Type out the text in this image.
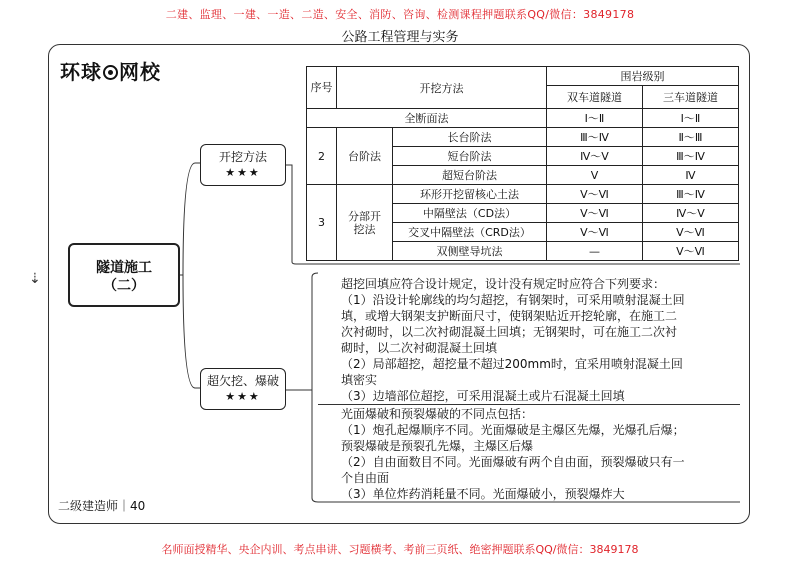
二建、监理、一建、一造、二造、安全、消防、咨询、检测课程押题联系QQ/微信：3849178
公路工程管理与实务
环球 网校
⇣
隧道施工
（二）
开挖方法
★★★
超欠挖、爆破
★★★
序号	开挖方法		围岩级别	
			双车道隧道	三车道隧道
全断面法			Ⅰ～Ⅱ	Ⅰ～Ⅱ
2	台阶法	长台阶法	Ⅲ～Ⅳ	Ⅱ～Ⅲ
		短台阶法	Ⅳ～Ⅴ	Ⅲ～Ⅳ
		超短台阶法	Ⅴ	Ⅳ
3	分部开挖法	环形开挖留核心土法	Ⅴ～Ⅵ	Ⅲ～Ⅳ
		中隔壁法（CD法）	Ⅴ～Ⅵ	Ⅳ～Ⅴ
		交叉中隔壁法（CRD法）	Ⅴ～Ⅵ	Ⅴ～Ⅵ
		双侧壁导坑法	—	Ⅴ～Ⅵ
超挖回填应符合设计规定，设计没有规定时应符合下列要求：
（1）沿设计轮廓线的均匀超挖，有钢架时，可采用喷射混凝土回
填，或增大钢架支护断面尺寸，使钢架贴近开挖轮廓，在施工二
次衬砌时，以二次衬砌混凝土回填；无钢架时，可在施工二次衬
砌时，以二次衬砌混凝土回填
（2）局部超挖，超挖量不超过200mm时，宜采用喷射混凝土回
填密实
（3）边墙部位超挖，可采用混凝土或片石混凝土回填
光面爆破和预裂爆破的不同点包括：
（1）炮孔起爆顺序不同。光面爆破是主爆区先爆，光爆孔后爆；
预裂爆破是预裂孔先爆，主爆区后爆
（2）自由面数目不同。光面爆破有两个自由面，预裂爆破只有一
个自由面
（3）单位炸药消耗量不同。光面爆破小，预裂爆炸大
二级建造师｜40
名师面授精华、央企内训、考点串讲、习题横考、考前三页纸、绝密押题联系QQ/微信：3849178
